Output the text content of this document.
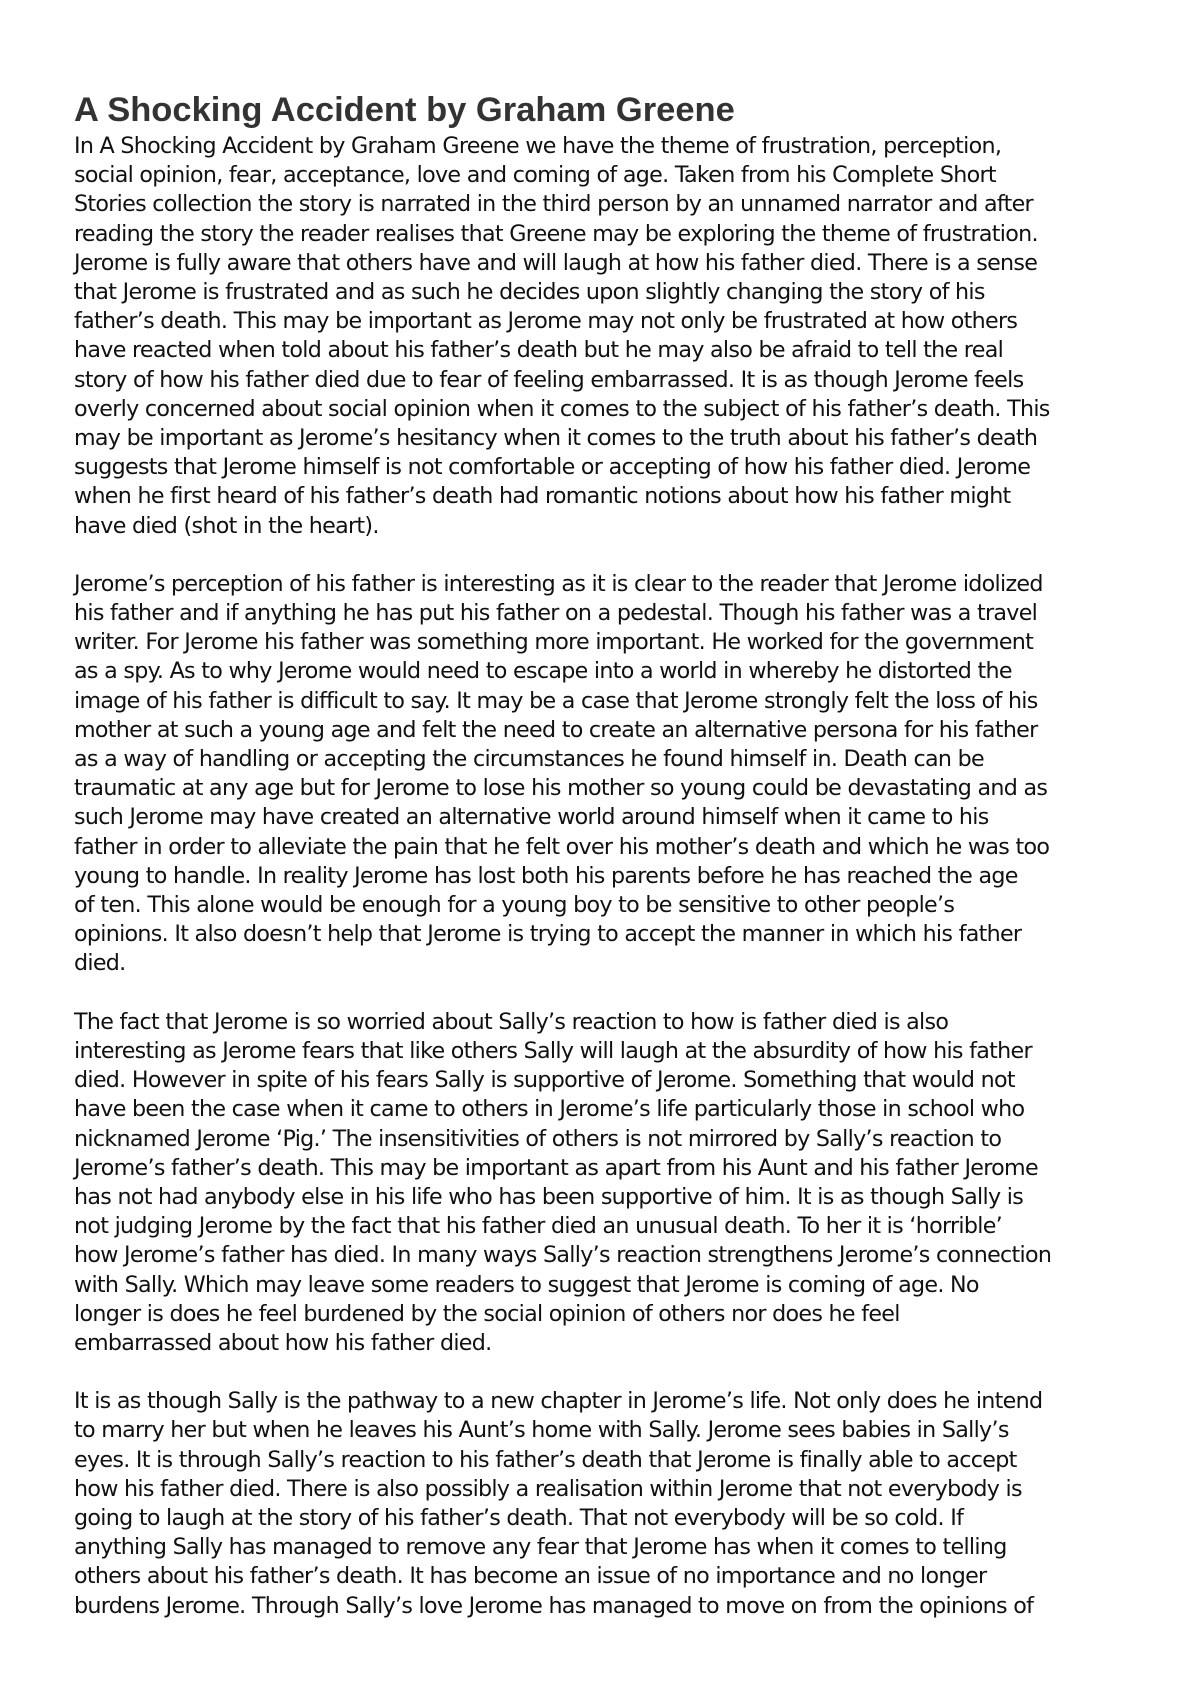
A Shocking Accident by Graham Greene

In A Shocking Accident by Graham Greene we have the theme of frustration, perception,
social opinion, fear, acceptance, love and coming of age. Taken from his Complete Short
Stories collection the story is narrated in the third person by an unnamed narrator and after
reading the story the reader realises that Greene may be exploring the theme of frustration.
Jerome is fully aware that others have and will laugh at how his father died. There is a sense
that Jerome is frustrated and as such he decides upon slightly changing the story of his
father’s death. This may be important as Jerome may not only be frustrated at how others
have reacted when told about his father’s death but he may also be afraid to tell the real
story of how his father died due to fear of feeling embarrassed. It is as though Jerome feels
overly concerned about social opinion when it comes to the subject of his father’s death. This
may be important as Jerome’s hesitancy when it comes to the truth about his father’s death
suggests that Jerome himself is not comfortable or accepting of how his father died. Jerome
when he first heard of his father’s death had romantic notions about how his father might
have died (shot in the heart).

Jerome’s perception of his father is interesting as it is clear to the reader that Jerome idolized
his father and if anything he has put his father on a pedestal. Though his father was a travel
writer. For Jerome his father was something more important. He worked for the government
as a spy. As to why Jerome would need to escape into a world in whereby he distorted the
image of his father is difficult to say. It may be a case that Jerome strongly felt the loss of his
mother at such a young age and felt the need to create an alternative persona for his father
as a way of handling or accepting the circumstances he found himself in. Death can be
traumatic at any age but for Jerome to lose his mother so young could be devastating and as
such Jerome may have created an alternative world around himself when it came to his
father in order to alleviate the pain that he felt over his mother’s death and which he was too
young to handle. In reality Jerome has lost both his parents before he has reached the age
of ten. This alone would be enough for a young boy to be sensitive to other people’s
opinions. It also doesn’t help that Jerome is trying to accept the manner in which his father
died.

The fact that Jerome is so worried about Sally’s reaction to how is father died is also
interesting as Jerome fears that like others Sally will laugh at the absurdity of how his father
died. However in spite of his fears Sally is supportive of Jerome. Something that would not
have been the case when it came to others in Jerome’s life particularly those in school who
nicknamed Jerome ‘Pig.’ The insensitivities of others is not mirrored by Sally’s reaction to
Jerome’s father’s death. This may be important as apart from his Aunt and his father Jerome
has not had anybody else in his life who has been supportive of him. It is as though Sally is
not judging Jerome by the fact that his father died an unusual death. To her it is ‘horrible’
how Jerome’s father has died. In many ways Sally’s reaction strengthens Jerome’s connection
with Sally. Which may leave some readers to suggest that Jerome is coming of age. No
longer is does he feel burdened by the social opinion of others nor does he feel
embarrassed about how his father died.

It is as though Sally is the pathway to a new chapter in Jerome’s life. Not only does he intend
to marry her but when he leaves his Aunt’s home with Sally. Jerome sees babies in Sally’s
eyes. It is through Sally’s reaction to his father’s death that Jerome is finally able to accept
how his father died. There is also possibly a realisation within Jerome that not everybody is
going to laugh at the story of his father’s death. That not everybody will be so cold. If
anything Sally has managed to remove any fear that Jerome has when it comes to telling
others about his father’s death. It has become an issue of no importance and no longer
burdens Jerome. Through Sally’s love Jerome has managed to move on from the opinions of
